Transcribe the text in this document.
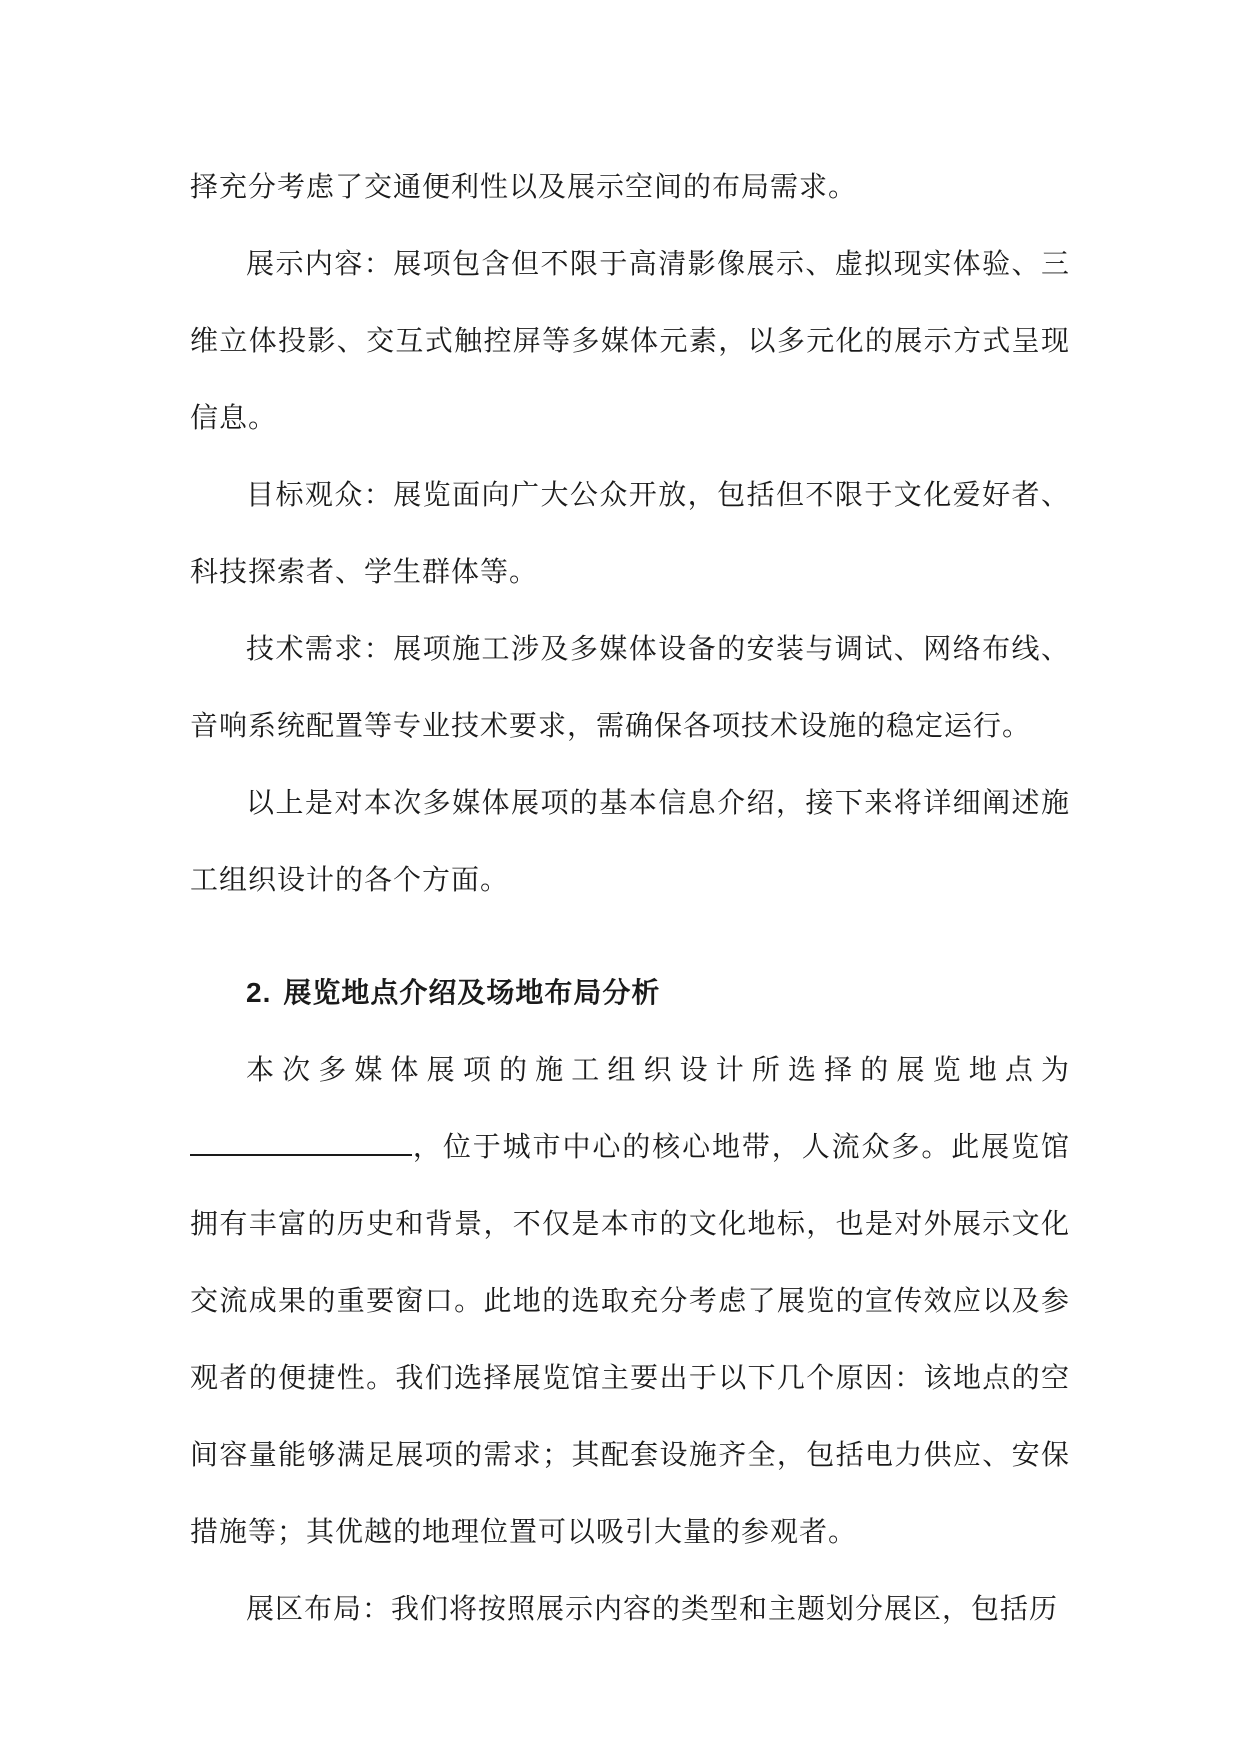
择充分考虑了交通便利性以及展示空间的布局需求。

展示内容：展项包含但不限于高清影像展示、虚拟现实体验、三维立体投影、交互式触控屏等多媒体元素，以多元化的展示方式呈现信息。

目标观众：展览面向广大公众开放，包括但不限于文化爱好者、科技探索者、学生群体等。

技术需求：展项施工涉及多媒体设备的安装与调试、网络布线、音响系统配置等专业技术要求，需确保各项技术设施的稳定运行。

以上是对本次多媒体展项的基本信息介绍，接下来将详细阐述施工组织设计的各个方面。

2. 展览地点介绍及场地布局分析

本次多媒体展项的施工组织设计所选择的展览地点为，位于城市中心的核心地带，人流众多。此展览馆拥有丰富的历史和背景，不仅是本市的文化地标，也是对外展示文化交流成果的重要窗口。此地的选取充分考虑了展览的宣传效应以及参观者的便捷性。我们选择展览馆主要出于以下几个原因：该地点的空间容量能够满足展项的需求；其配套设施齐全，包括电力供应、安保措施等；其优越的地理位置可以吸引大量的参观者。

展区布局：我们将按照展示内容的类型和主题划分展区，包括历
